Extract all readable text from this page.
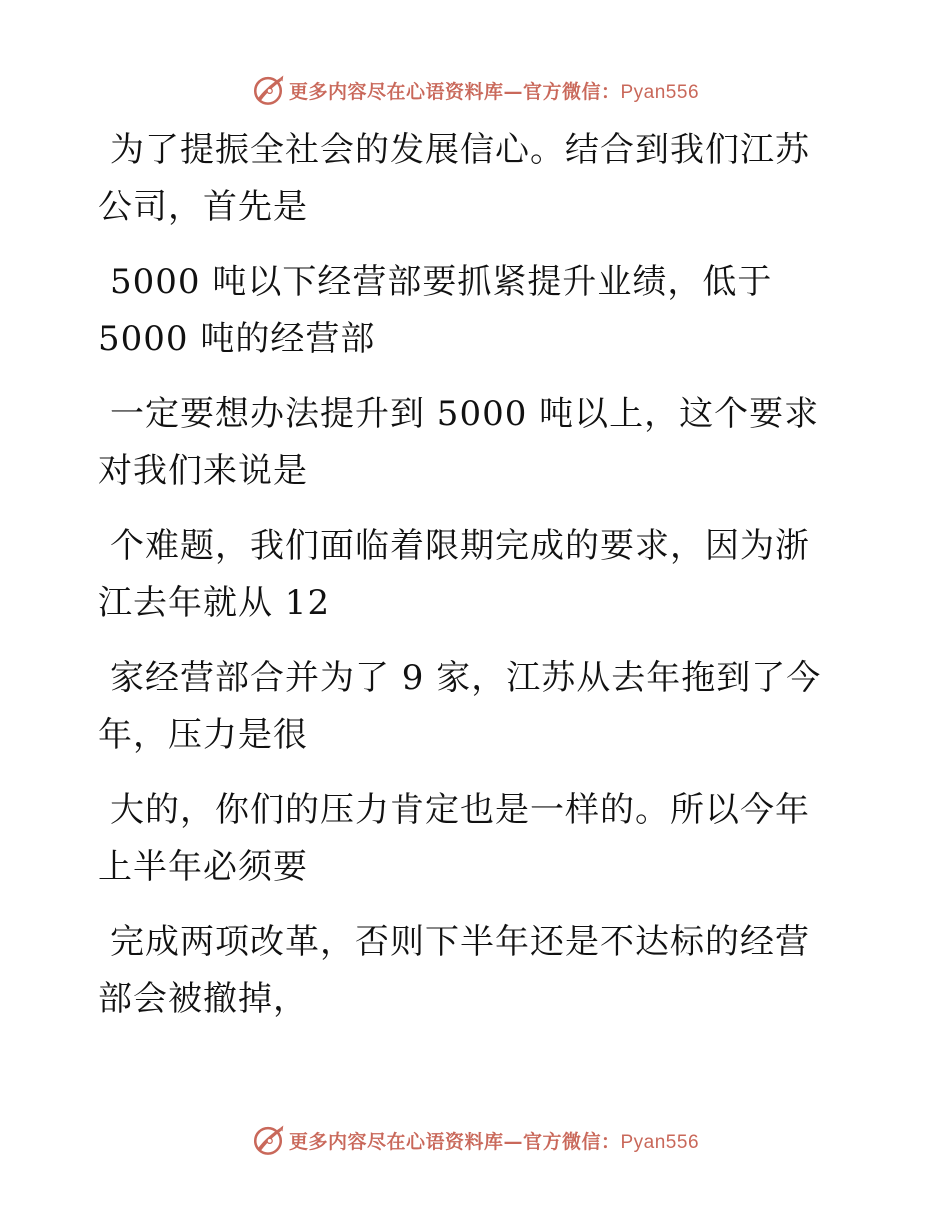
更多内容尽在心语资料库—官方微信：Pyan556

为了提振全社会的发展信心。结合到我们江苏公司，首先是

5000 吨以下经营部要抓紧提升业绩，低于 5000 吨的经营部

一定要想办法提升到 5000 吨以上，这个要求对我们来说是

个难题，我们面临着限期完成的要求，因为浙江去年就从 12

家经营部合并为了 9 家，江苏从去年拖到了今年，压力是很

大的，你们的压力肯定也是一样的。所以今年上半年必须要

完成两项改革，否则下半年还是不达标的经营部会被撤掉，

更多内容尽在心语资料库—官方微信：Pyan556
